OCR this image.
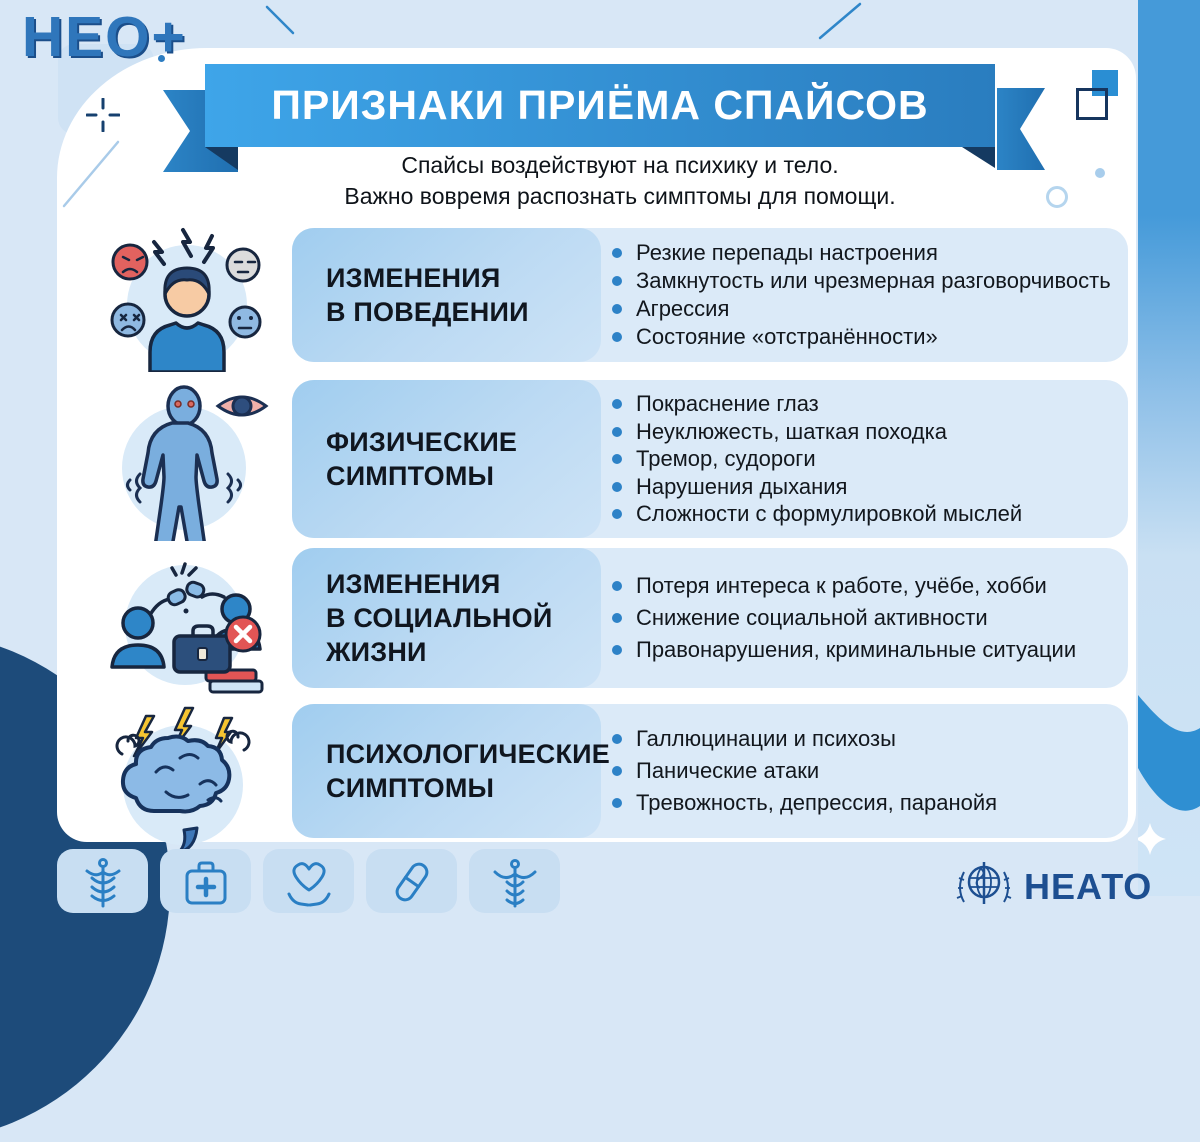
НЕО+
ПРИЗНАКИ ПРИЁМА СПАЙСОВ
Спайсы воздействуют на психику и тело.
Важно вовремя распознать симптомы для помощи.
ИЗМЕНЕНИЯ
В ПОВЕДЕНИИ
Резкие перепады настроения
Замкнутость или чрезмерная разговорчивость
Агрессия
Состояние «отстранённости»
ФИЗИЧЕСКИЕ
СИМПТОМЫ
Покраснение глаз
Неуклюжесть, шаткая походка
Тремор, судороги
Нарушения дыхания
Сложности с формулировкой мыслей
ИЗМЕНЕНИЯ
В СОЦИАЛЬНОЙ
ЖИЗНИ
Потеря интереса к работе, учёбе, хобби
Снижение социальной активности
Правонарушения, криминальные ситуации
ПСИХОЛОГИЧЕСКИЕ
СИМПТОМЫ
Галлюцинации и психозы
Панические атаки
Тревожность, депрессия, паранойя
НЕАТО
